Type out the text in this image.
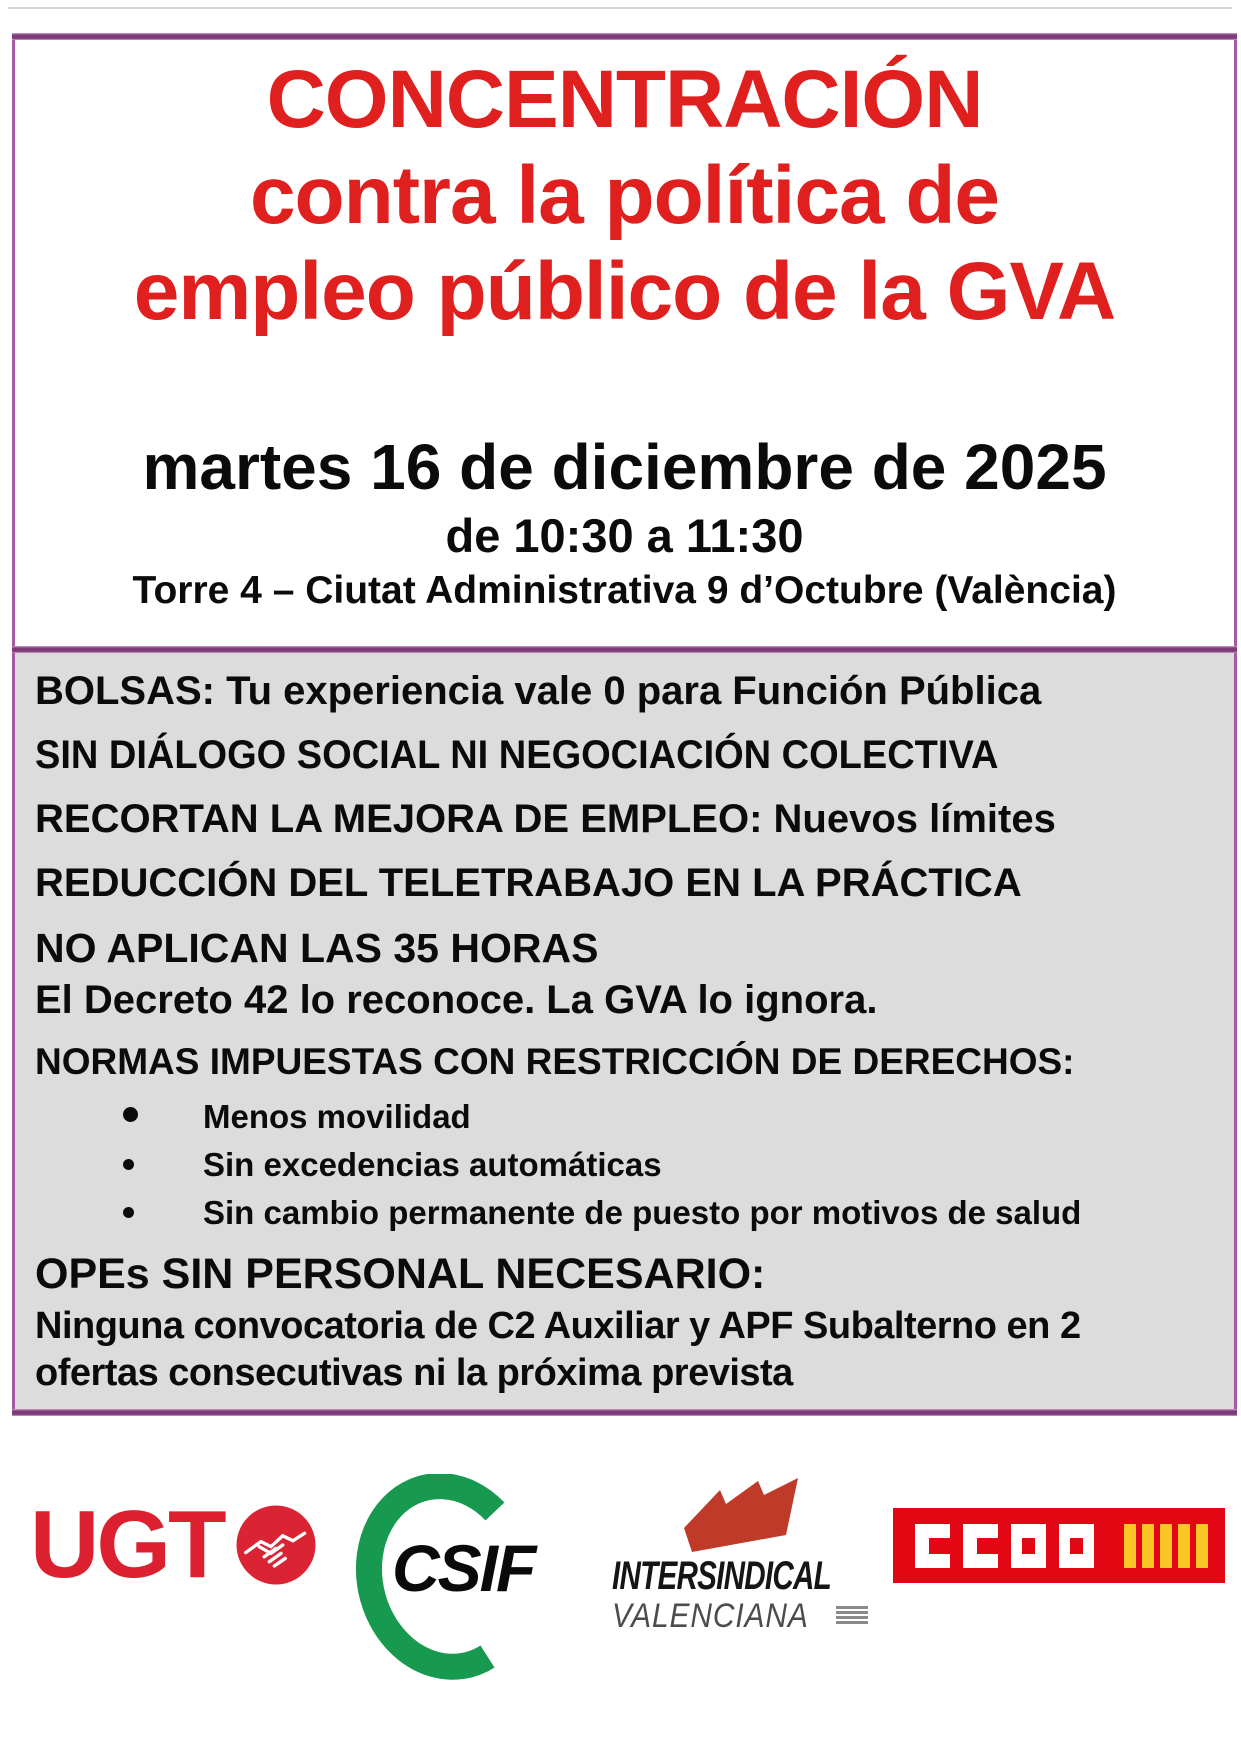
CONCENTRACIÓN
contra la política de
empleo público de la GVA
martes 16 de diciembre de 2025
de 10:30 a 11:30
Torre 4 – Ciutat Administrativa 9 d’Octubre (València)
BOLSAS: Tu experiencia vale 0 para Función Pública
SIN DIÁLOGO SOCIAL NI NEGOCIACIÓN COLECTIVA
RECORTAN LA MEJORA DE EMPLEO: Nuevos límites
REDUCCIÓN DEL TELETRABAJO EN LA PRÁCTICA
NO APLICAN LAS 35 HORAS
El Decreto 42 lo reconoce. La GVA lo ignora.
NORMAS IMPUESTAS CON RESTRICCIÓN DE DERECHOS:
Menos movilidad
Sin excedencias automáticas
Sin cambio permanente de puesto por motivos de salud
OPEs SIN PERSONAL NECESARIO:
Ninguna convocatoria de C2 Auxiliar y APF Subalterno en 2
ofertas consecutivas ni la próxima prevista
UGT	CSIF INTERSINDICAL
VALENCIANA
